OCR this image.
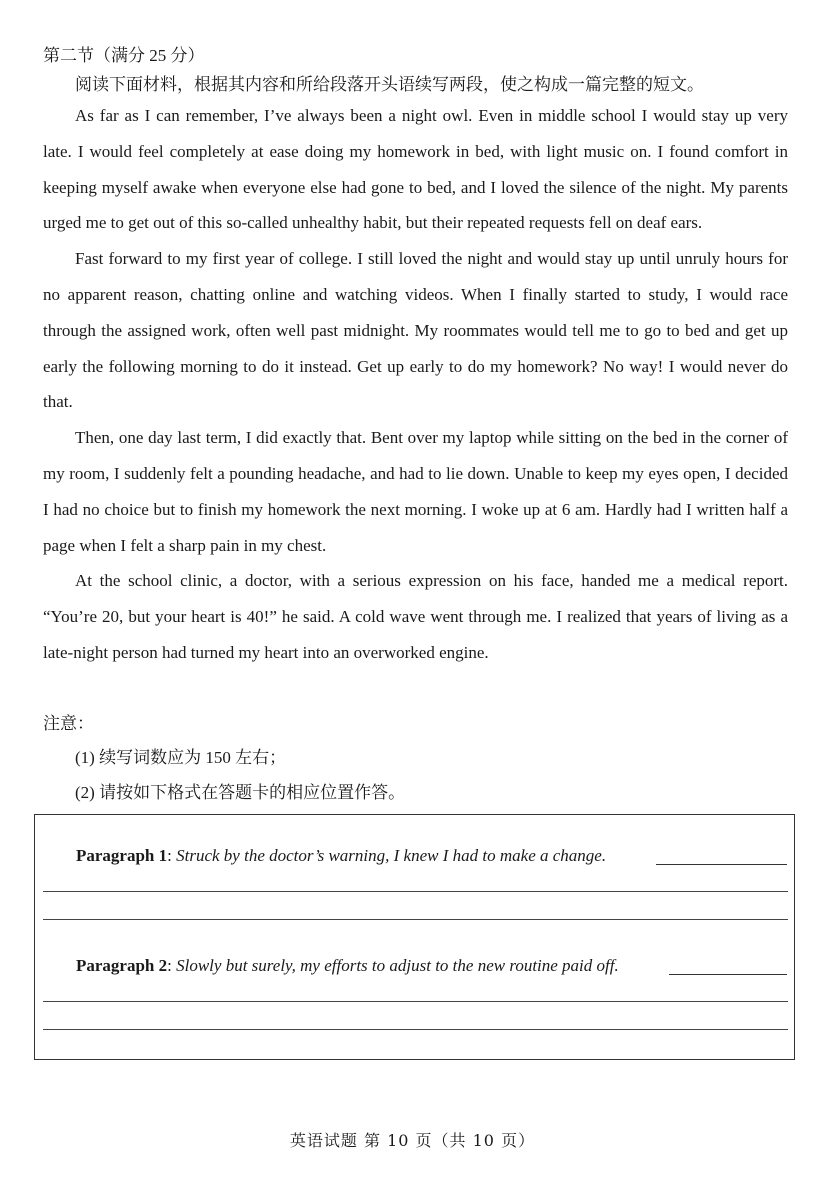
第二节（满分 25 分）
阅读下面材料，根据其内容和所给段落开头语续写两段，使之构成一篇完整的短文。

As far as I can remember, I’ve always been a night owl. Even in middle school I would stay up very late. I would feel completely at ease doing my homework in bed, with light music on. I found comfort in keeping myself awake when everyone else had gone to bed, and I loved the silence of the night. My parents urged me to get out of this so-called unhealthy habit, but their repeated requests fell on deaf ears.

Fast forward to my first year of college. I still loved the night and would stay up until unruly hours for no apparent reason, chatting online and watching videos. When I finally started to study, I would race through the assigned work, often well past midnight. My roommates would tell me to go to bed and get up early the following morning to do it instead. Get up early to do my homework? No way! I would never do that.

Then, one day last term, I did exactly that. Bent over my laptop while sitting on the bed in the corner of my room, I suddenly felt a pounding headache, and had to lie down. Unable to keep my eyes open, I decided I had no choice but to finish my homework the next morning. I woke up at 6 am. Hardly had I written half a page when I felt a sharp pain in my chest.

At the school clinic, a doctor, with a serious expression on his face, handed me a medical report. “You’re 20, but your heart is 40!” he said. A cold wave went through me. I realized that years of living as a late-night person had turned my heart into an overworked engine.

注意：
(1) 续写词数应为 150 左右；
(2) 请按如下格式在答题卡的相应位置作答。
Paragraph 1: Struck by the doctor’s warning, I knew I had to make a change.
Paragraph 2: Slowly but surely, my efforts to adjust to the new routine paid off.
英语试题 第 10 页（共 10 页）
